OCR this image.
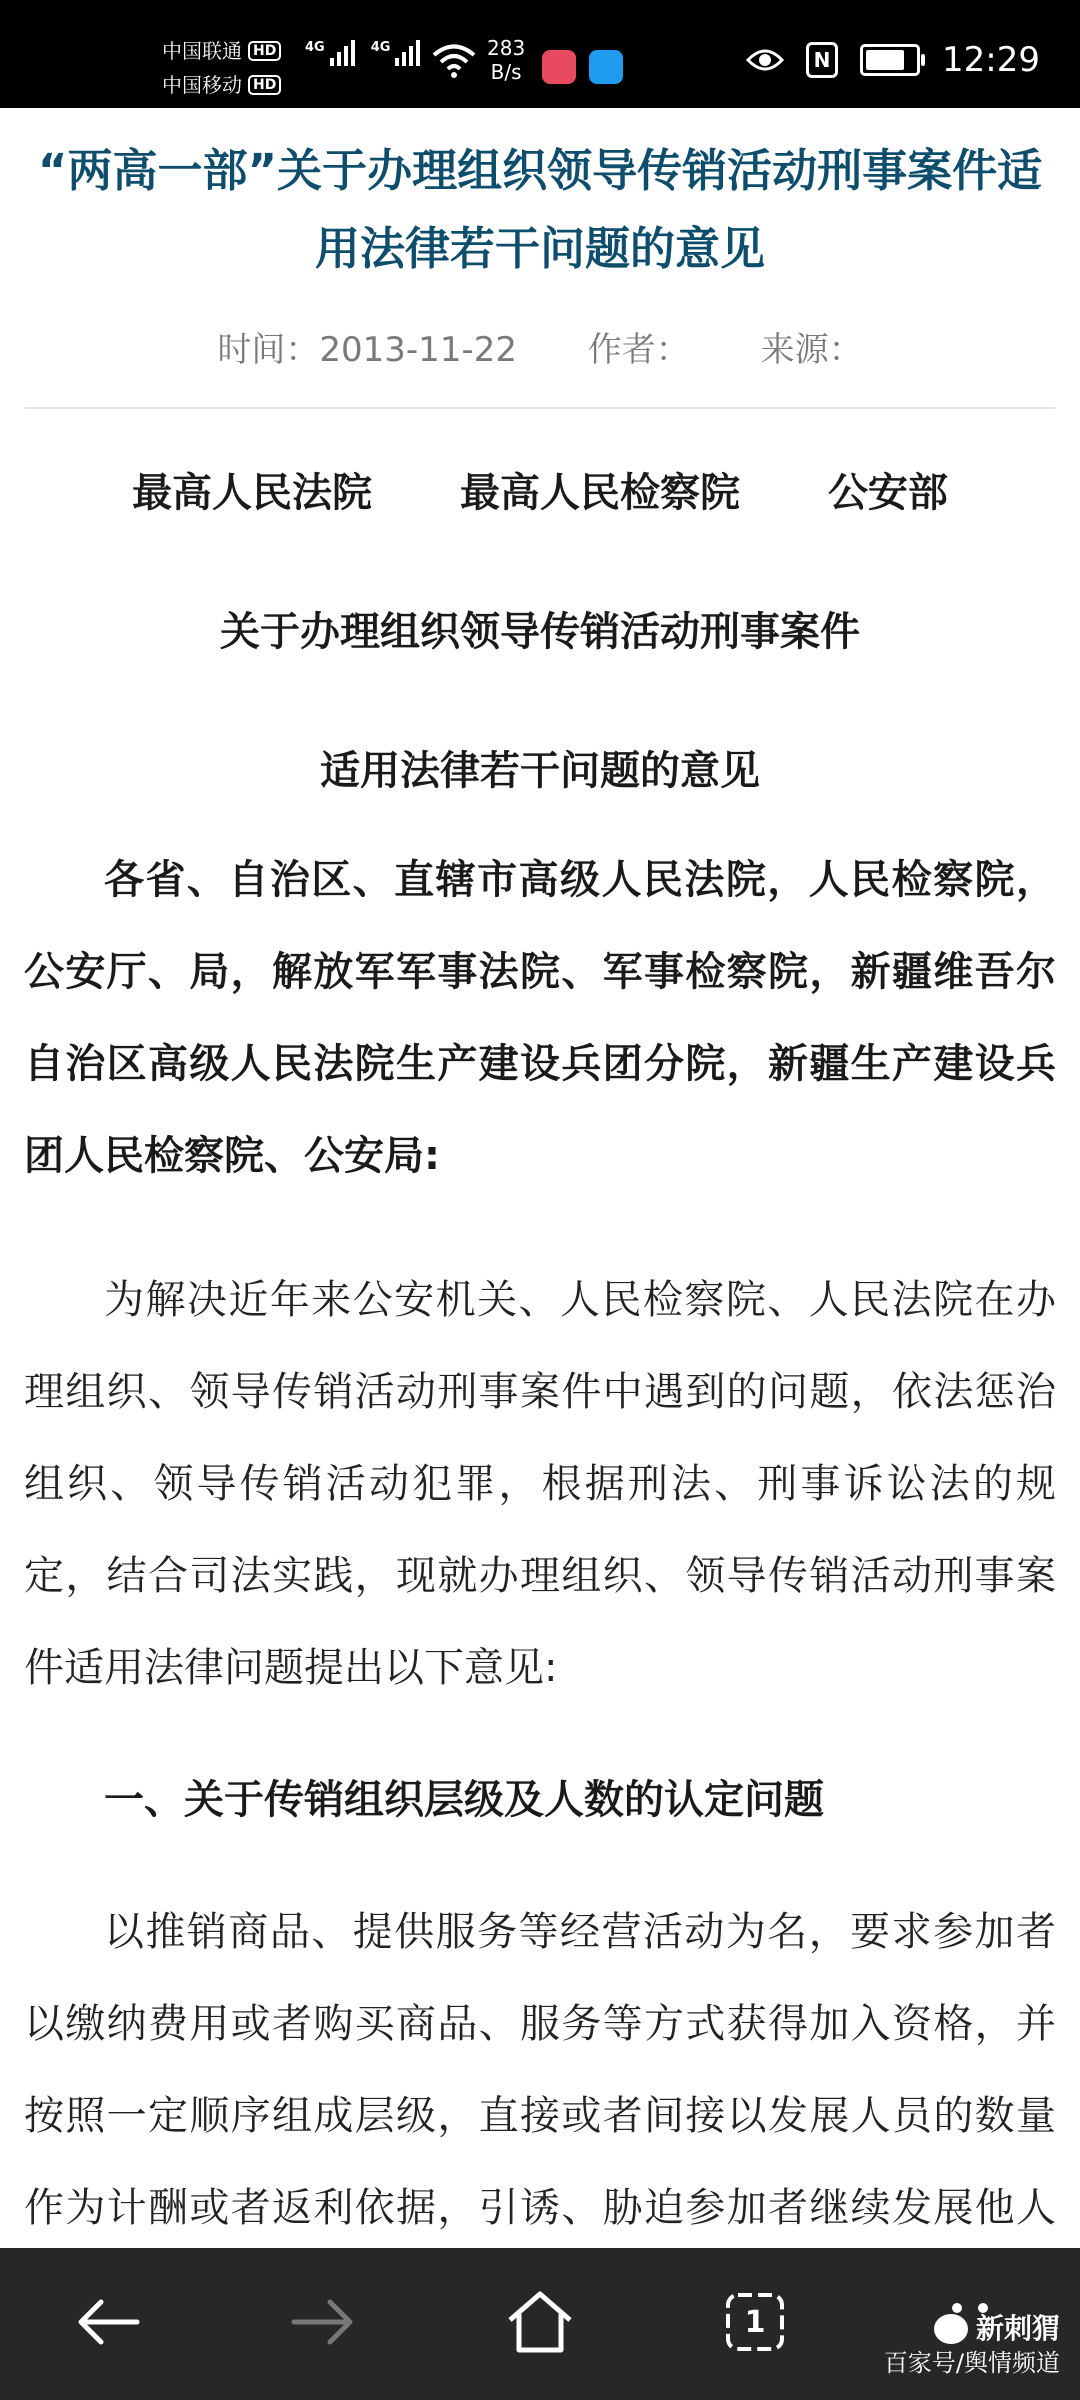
中国联通 HD
中国移动 HD
4G	4G	283
B/s	N	12:29
“两高一部”关于办理组织领导传销活动刑事案件适用法律若干问题的意见
时间：2013-11-22 作者： 来源：
最高人民法院 最高人民检察院 公安部
关于办理组织领导传销活动刑事案件
适用法律若干问题的意见
各省、自治区、直辖市高级人民法院，人民检察院，公安厅、局，解放军军事法院、军事检察院，新疆维吾尔自治区高级人民法院生产建设兵团分院，新疆生产建设兵团人民检察院、公安局:
为解决近年来公安机关、人民检察院、人民法院在办理组织、领导传销活动刑事案件中遇到的问题，依法惩治组织、领导传销活动犯罪，根据刑法、刑事诉讼法的规定，结合司法实践，现就办理组织、领导传销活动刑事案件适用法律问题提出以下意见:
一、关于传销组织层级及人数的认定问题
以推销商品、提供服务等经营活动为名，要求参加者以缴纳费用或者购买商品、服务等方式获得加入资格，并按照一定顺序组成层级，直接或者间接以发展人员的数量作为计酬或者返利依据，引诱、胁迫参加者继续发展他人
1	新刺猬
百家号/舆情频道
